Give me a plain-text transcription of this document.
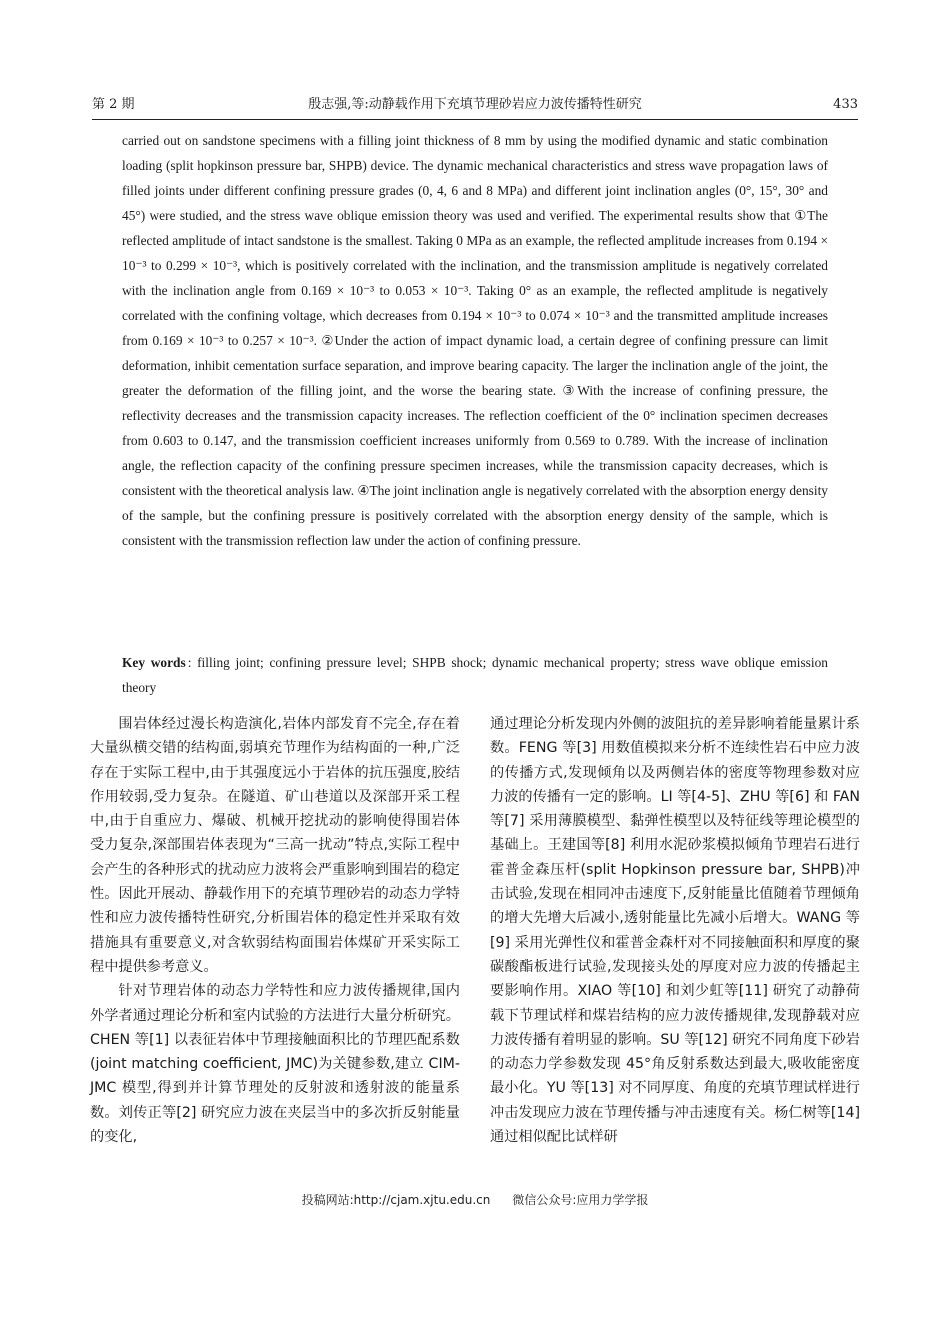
第 2 期	殷志强,等:动静载作用下充填节理砂岩应力波传播特性研究	433
carried out on sandstone specimens with a filling joint thickness of 8 mm by using the modified dynamic and static combination loading (split hopkinson pressure bar, SHPB) device. The dynamic mechanical characteristics and stress wave propagation laws of filled joints under different confining pressure grades (0, 4, 6 and 8 MPa) and different joint inclination angles (0°, 15°, 30° and 45°) were studied, and the stress wave oblique emission theory was used and verified. The experimental results show that ①The reflected amplitude of intact sandstone is the smallest. Taking 0 MPa as an example, the reflected amplitude increases from 0.194 × 10⁻³ to 0.299 × 10⁻³, which is positively correlated with the inclination, and the transmission amplitude is negatively correlated with the inclination angle from 0.169 × 10⁻³ to 0.053 × 10⁻³. Taking 0° as an example, the reflected amplitude is negatively correlated with the confining voltage, which decreases from 0.194 × 10⁻³ to 0.074 × 10⁻³ and the transmitted amplitude increases from 0.169 × 10⁻³ to 0.257 × 10⁻³. ②Under the action of impact dynamic load, a certain degree of confining pressure can limit deformation, inhibit cementation surface separation, and improve bearing capacity. The larger the inclination angle of the joint, the greater the deformation of the filling joint, and the worse the bearing state. ③With the increase of confining pressure, the reflectivity decreases and the transmission capacity increases. The reflection coefficient of the 0° inclination specimen decreases from 0.603 to 0.147, and the transmission coefficient increases uniformly from 0.569 to 0.789. With the increase of inclination angle, the reflection capacity of the confining pressure specimen increases, while the transmission capacity decreases, which is consistent with the theoretical analysis law. ④The joint inclination angle is negatively correlated with the absorption energy density of the sample, but the confining pressure is positively correlated with the absorption energy density of the sample, which is consistent with the transmission reflection law under the action of confining pressure.
Key words : filling joint; confining pressure level; SHPB shock; dynamic mechanical property; stress wave oblique emission theory

围岩体经过漫长构造演化,岩体内部发育不完全,存在着大量纵横交错的结构面,弱填充节理作为结构面的一种,广泛存在于实际工程中,由于其强度远小于岩体的抗压强度,胶结作用较弱,受力复杂。在隧道、矿山巷道以及深部开采工程中,由于自重应力、爆破、机械开挖扰动的影响使得围岩体受力复杂,深部围岩体表现为“三高一扰动”特点,实际工程中会产生的各种形式的扰动应力波将会严重影响到围岩的稳定性。因此开展动、静载作用下的充填节理砂岩的动态力学特性和应力波传播特性研究,分析围岩体的稳定性并采取有效措施具有重要意义,对含软弱结构面围岩体煤矿开采实际工程中提供参考意义。

针对节理岩体的动态力学特性和应力波传播规律,国内外学者通过理论分析和室内试验的方法进行大量分析研究。CHEN 等[1] 以表征岩体中节理接触面积比的节理匹配系数(joint matching coefficient, JMC)为关键参数,建立 CIM-JMC 模型,得到并计算节理处的反射波和透射波的能量系数。刘传正等[2] 研究应力波在夹层当中的多次折反射能量的变化,

通过理论分析发现内外侧的波阻抗的差异影响着能量累计系数。FENG 等[3] 用数值模拟来分析不连续性岩石中应力波的传播方式,发现倾角以及两侧岩体的密度等物理参数对应力波的传播有一定的影响。LI 等[4-5]、ZHU 等[6] 和 FAN 等[7] 采用薄膜模型、黏弹性模型以及特征线等理论模型的基础上。王建国等[8] 利用水泥砂浆模拟倾角节理岩石进行霍普金森压杆(split Hopkinson pressure bar, SHPB)冲击试验,发现在相同冲击速度下,反射能量比值随着节理倾角的增大先增大后减小,透射能量比先减小后增大。WANG 等[9] 采用光弹性仪和霍普金森杆对不同接触面积和厚度的聚碳酸酯板进行试验,发现接头处的厚度对应力波的传播起主要影响作用。XIAO 等[10] 和刘少虹等[11] 研究了动静荷载下节理试样和煤岩结构的应力波传播规律,发现静载对应力波传播有着明显的影响。SU 等[12] 研究不同角度下砂岩的动态力学参数发现 45°角反射系数达到最大,吸收能密度最小化。YU 等[13] 对不同厚度、角度的充填节理试样进行冲击发现应力波在节理传播与冲击速度有关。杨仁树等[14] 通过相似配比试样研

投稿网站:http://cjam.xjtu.edu.cn 微信公众号:应用力学学报
